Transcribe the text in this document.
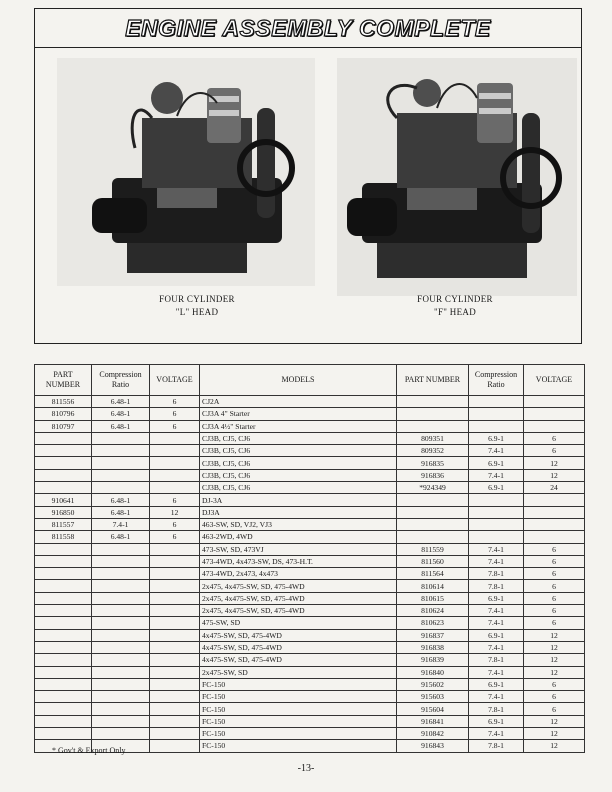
ENGINE ASSEMBLY COMPLETE
FOUR CYLINDER
"L" HEAD
FOUR CYLINDER
"F" HEAD
PART NUMBER	Compression Ratio	VOLTAGE	MODELS	PART NUMBER	Compression Ratio	VOLTAGE
811556	6.48-1	6	CJ2A			
810796	6.48-1	6	CJ3A 4" Starter			
810797	6.48-1	6	CJ3A 4½" Starter			
			CJ3B, CJ5, CJ6	809351	6.9-1	6
			CJ3B, CJ5, CJ6	809352	7.4-1	6
			CJ3B, CJ5, CJ6	916835	6.9-1	12
			CJ3B, CJ5, CJ6	916836	7.4-1	12
			CJ3B, CJ5, CJ6	*924349	6.9-1	24
910641	6.48-1	6	DJ-3A			
916850	6.48-1	12	DJ3A			
811557	7.4-1	6	463-SW, SD, VJ2, VJ3			
811558	6.48-1	6	463-2WD, 4WD			
			473-SW, SD, 473VJ	811559	7.4-1	6
			473-4WD, 4x473-SW, DS, 473-H.T.	811560	7.4-1	6
			473-4WD, 2x473, 4x473	811564	7.8-1	6
			2x475, 4x475-SW, SD, 475-4WD	810614	7.8-1	6
			2x475, 4x475-SW, SD, 475-4WD	810615	6.9-1	6
			2x475, 4x475-SW, SD, 475-4WD	810624	7.4-1	6
			475-SW, SD	810623	7.4-1	6
			4x475-SW, SD, 475-4WD	916837	6.9-1	12
			4x475-SW, SD, 475-4WD	916838	7.4-1	12
			4x475-SW, SD, 475-4WD	916839	7.8-1	12
			2x475-SW, SD	916840	7.4-1	12
			FC-150	915602	6.9-1	6
			FC-150	915603	7.4-1	6
			FC-150	915604	7.8-1	6
			FC-150	916841	6.9-1	12
			FC-150	910842	7.4-1	12
			FC-150	916843	7.8-1	12
* Gov't & Export Only
-13-
